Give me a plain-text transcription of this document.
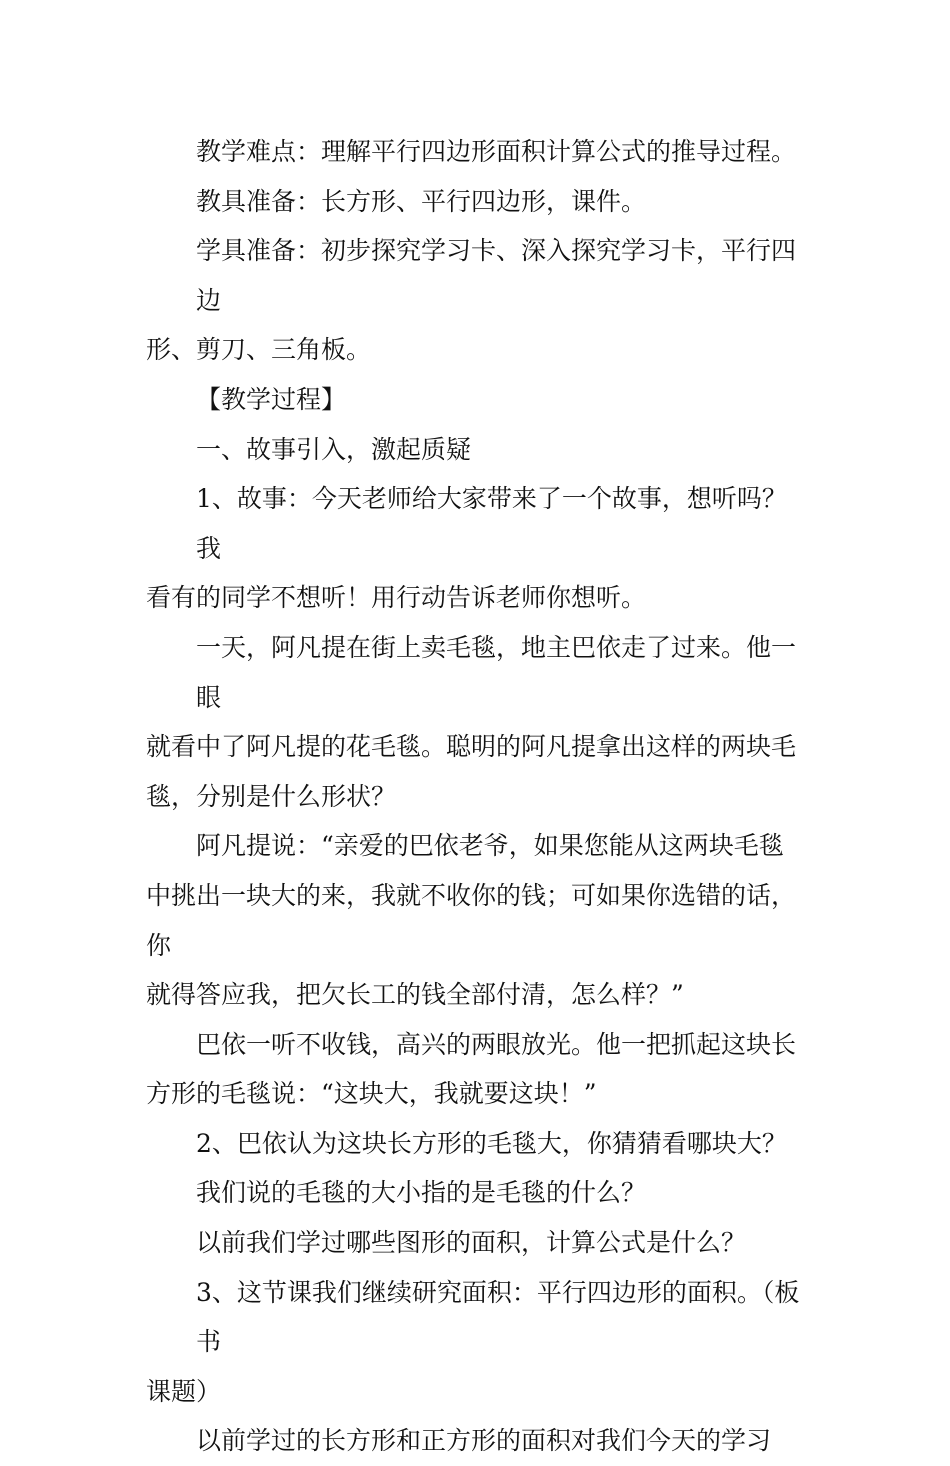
教学难点：理解平行四边形面积计算公式的推导过程。
教具准备：长方形、平行四边形，课件。
学具准备：初步探究学习卡、深入探究学习卡，平行四边
形、剪刀、三角板。
【教学过程】
一、故事引入，激起质疑
1、故事：今天老师给大家带来了一个故事，想听吗？我
看有的同学不想听！用行动告诉老师你想听。
一天，阿凡提在街上卖毛毯，地主巴依走了过来。他一眼
就看中了阿凡提的花毛毯。聪明的阿凡提拿出这样的两块毛
毯，分别是什么形状？
阿凡提说：“亲爱的巴依老爷，如果您能从这两块毛毯
中挑出一块大的来，我就不收你的钱；可如果你选错的话，你
就得答应我，把欠长工的钱全部付清，怎么样？”
巴依一听不收钱，高兴的两眼放光。他一把抓起这块长
方形的毛毯说：“这块大，我就要这块！”
2、巴依认为这块长方形的毛毯大，你猜猜看哪块大？
我们说的毛毯的大小指的是毛毯的什么？
以前我们学过哪些图形的面积，计算公式是什么？
3、这节课我们继续研究面积：平行四边形的面积。（板书
课题）
以前学过的长方形和正方形的面积对我们今天的学习
